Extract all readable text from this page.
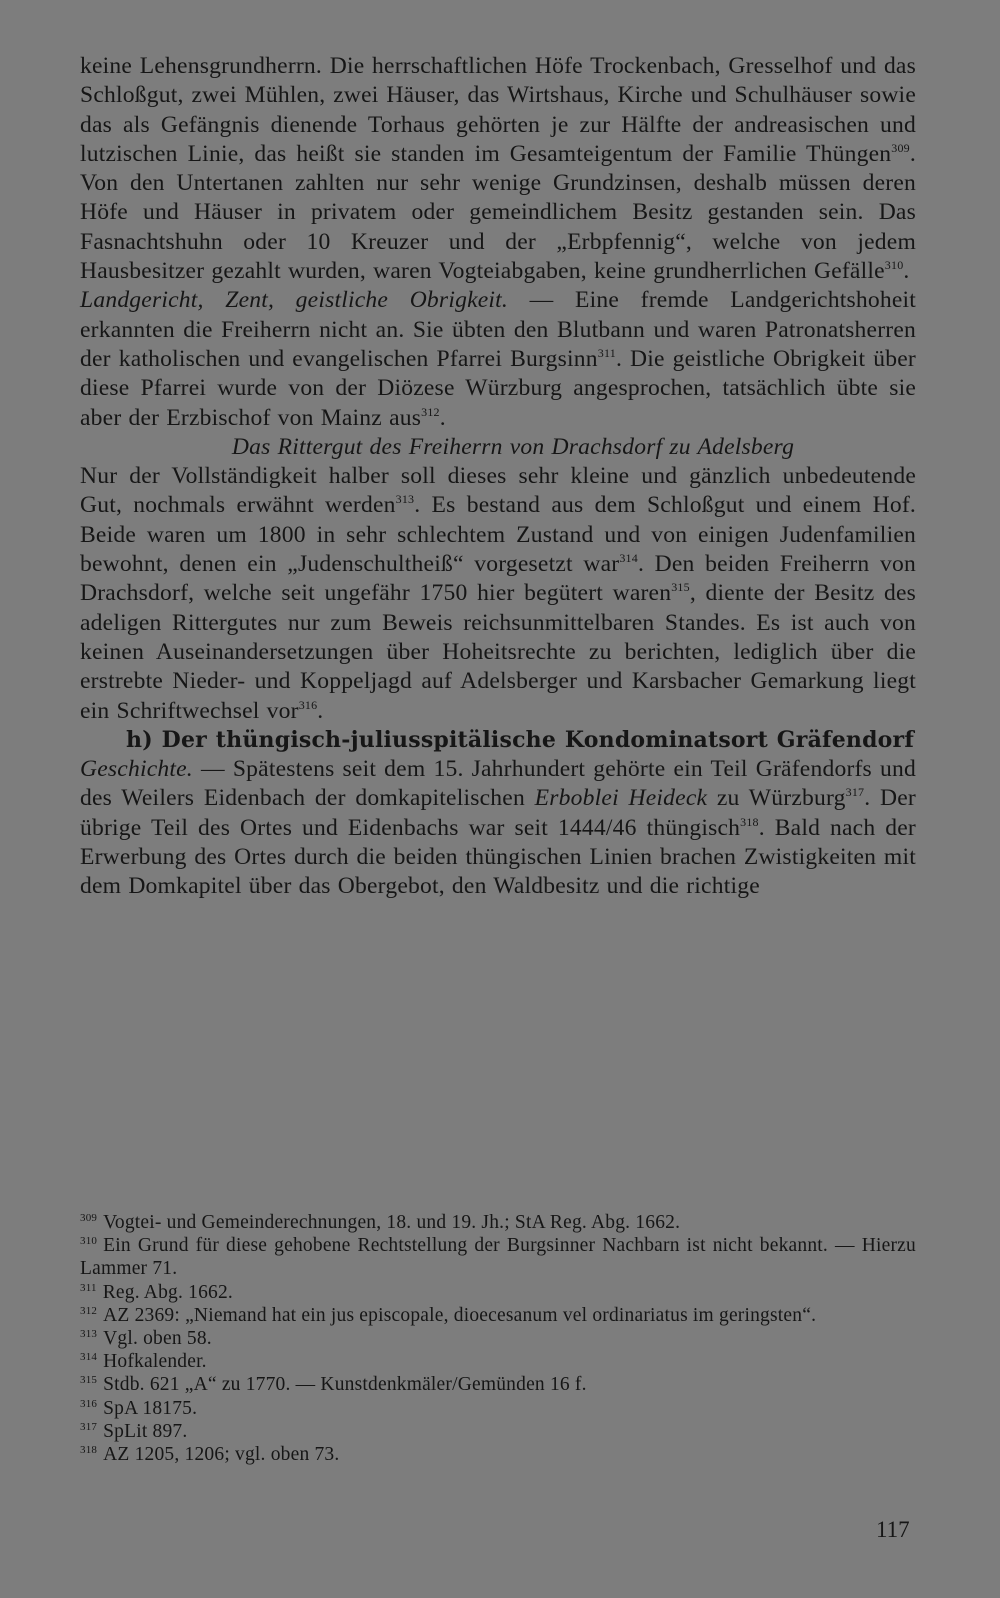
keine Lehensgrundherrn. Die herrschaftlichen Höfe Trockenbach, Gresselhof und das Schloßgut, zwei Mühlen, zwei Häuser, das Wirtshaus, Kirche und Schulhäuser sowie das als Gefängnis dienende Torhaus gehörten je zur Hälfte der andreasischen und lutzischen Linie, das heißt sie standen im Gesamteigentum der Familie Thüngen$^{309}$. Von den Untertanen zahlten nur sehr wenige Grundzinsen, deshalb müssen deren Höfe und Häuser in privatem oder gemeindlichem Besitz gestanden sein. Das Fasnachtshuhn oder 10 Kreuzer und der „Erbpfennig“, welche von jedem Hausbesitzer gezahlt wurden, waren Vogteiabgaben, keine grundherrlichen Gefälle$^{310}$.

Landgericht, Zent, geistliche Obrigkeit. — Eine fremde Landgerichtshoheit erkannten die Freiherrn nicht an. Sie übten den Blutbann und waren Patronatsherren der katholischen und evangelischen Pfarrei Burgsinn$^{311}$. Die geistliche Obrigkeit über diese Pfarrei wurde von der Diözese Würzburg angesprochen, tatsächlich übte sie aber der Erzbischof von Mainz aus$^{312}$.

Das Rittergut des Freiherrn von Drachsdorf zu Adelsberg

Nur der Vollständigkeit halber soll dieses sehr kleine und gänzlich unbedeutende Gut, nochmals erwähnt werden$^{313}$. Es bestand aus dem Schloßgut und einem Hof. Beide waren um 1800 in sehr schlechtem Zustand und von einigen Judenfamilien bewohnt, denen ein „Judenschultheiß“ vorgesetzt war$^{314}$. Den beiden Freiherrn von Drachsdorf, welche seit ungefähr 1750 hier begütert waren$^{315}$, diente der Besitz des adeligen Rittergutes nur zum Beweis reichsunmittelbaren Standes. Es ist auch von keinen Auseinandersetzungen über Hoheitsrechte zu berichten, lediglich über die erstrebte Nieder- und Koppeljagd auf Adelsberger und Karsbacher Gemarkung liegt ein Schriftwechsel vor$^{316}$.

h) Der thüngisch-juliusspitälische Kondominatsort Gräfendorf

Geschichte. — Spätestens seit dem 15. Jahrhundert gehörte ein Teil Gräfendorfs und des Weilers Eidenbach der domkapitelischen Erboblei Heideck zu Würzburg$^{317}$. Der übrige Teil des Ortes und Eidenbachs war seit 1444/46 thüngisch$^{318}$. Bald nach der Erwerbung des Ortes durch die beiden thüngischen Linien brachen Zwistigkeiten mit dem Domkapitel über das Obergebot, den Waldbesitz und die richtige

$^{309}$ Vogtei- und Gemeinderechnungen, 18. und 19. Jh.; StA Reg. Abg. 1662.

$^{310}$ Ein Grund für diese gehobene Rechtstellung der Burgsinner Nachbarn ist nicht bekannt. — Hierzu Lammer 71.

$^{311}$ Reg. Abg. 1662.

$^{312}$ AZ 2369: „Niemand hat ein jus episcopale, dioecesanum vel ordinariatus im geringsten“.

$^{313}$ Vgl. oben 58.

$^{314}$ Hofkalender.

$^{315}$ Stdb. 621 „A“ zu 1770. — Kunstdenkmäler/Gemünden 16 f.

$^{316}$ SpA 18175.

$^{317}$ SpLit 897.

$^{318}$ AZ 1205, 1206; vgl. oben 73.

117
